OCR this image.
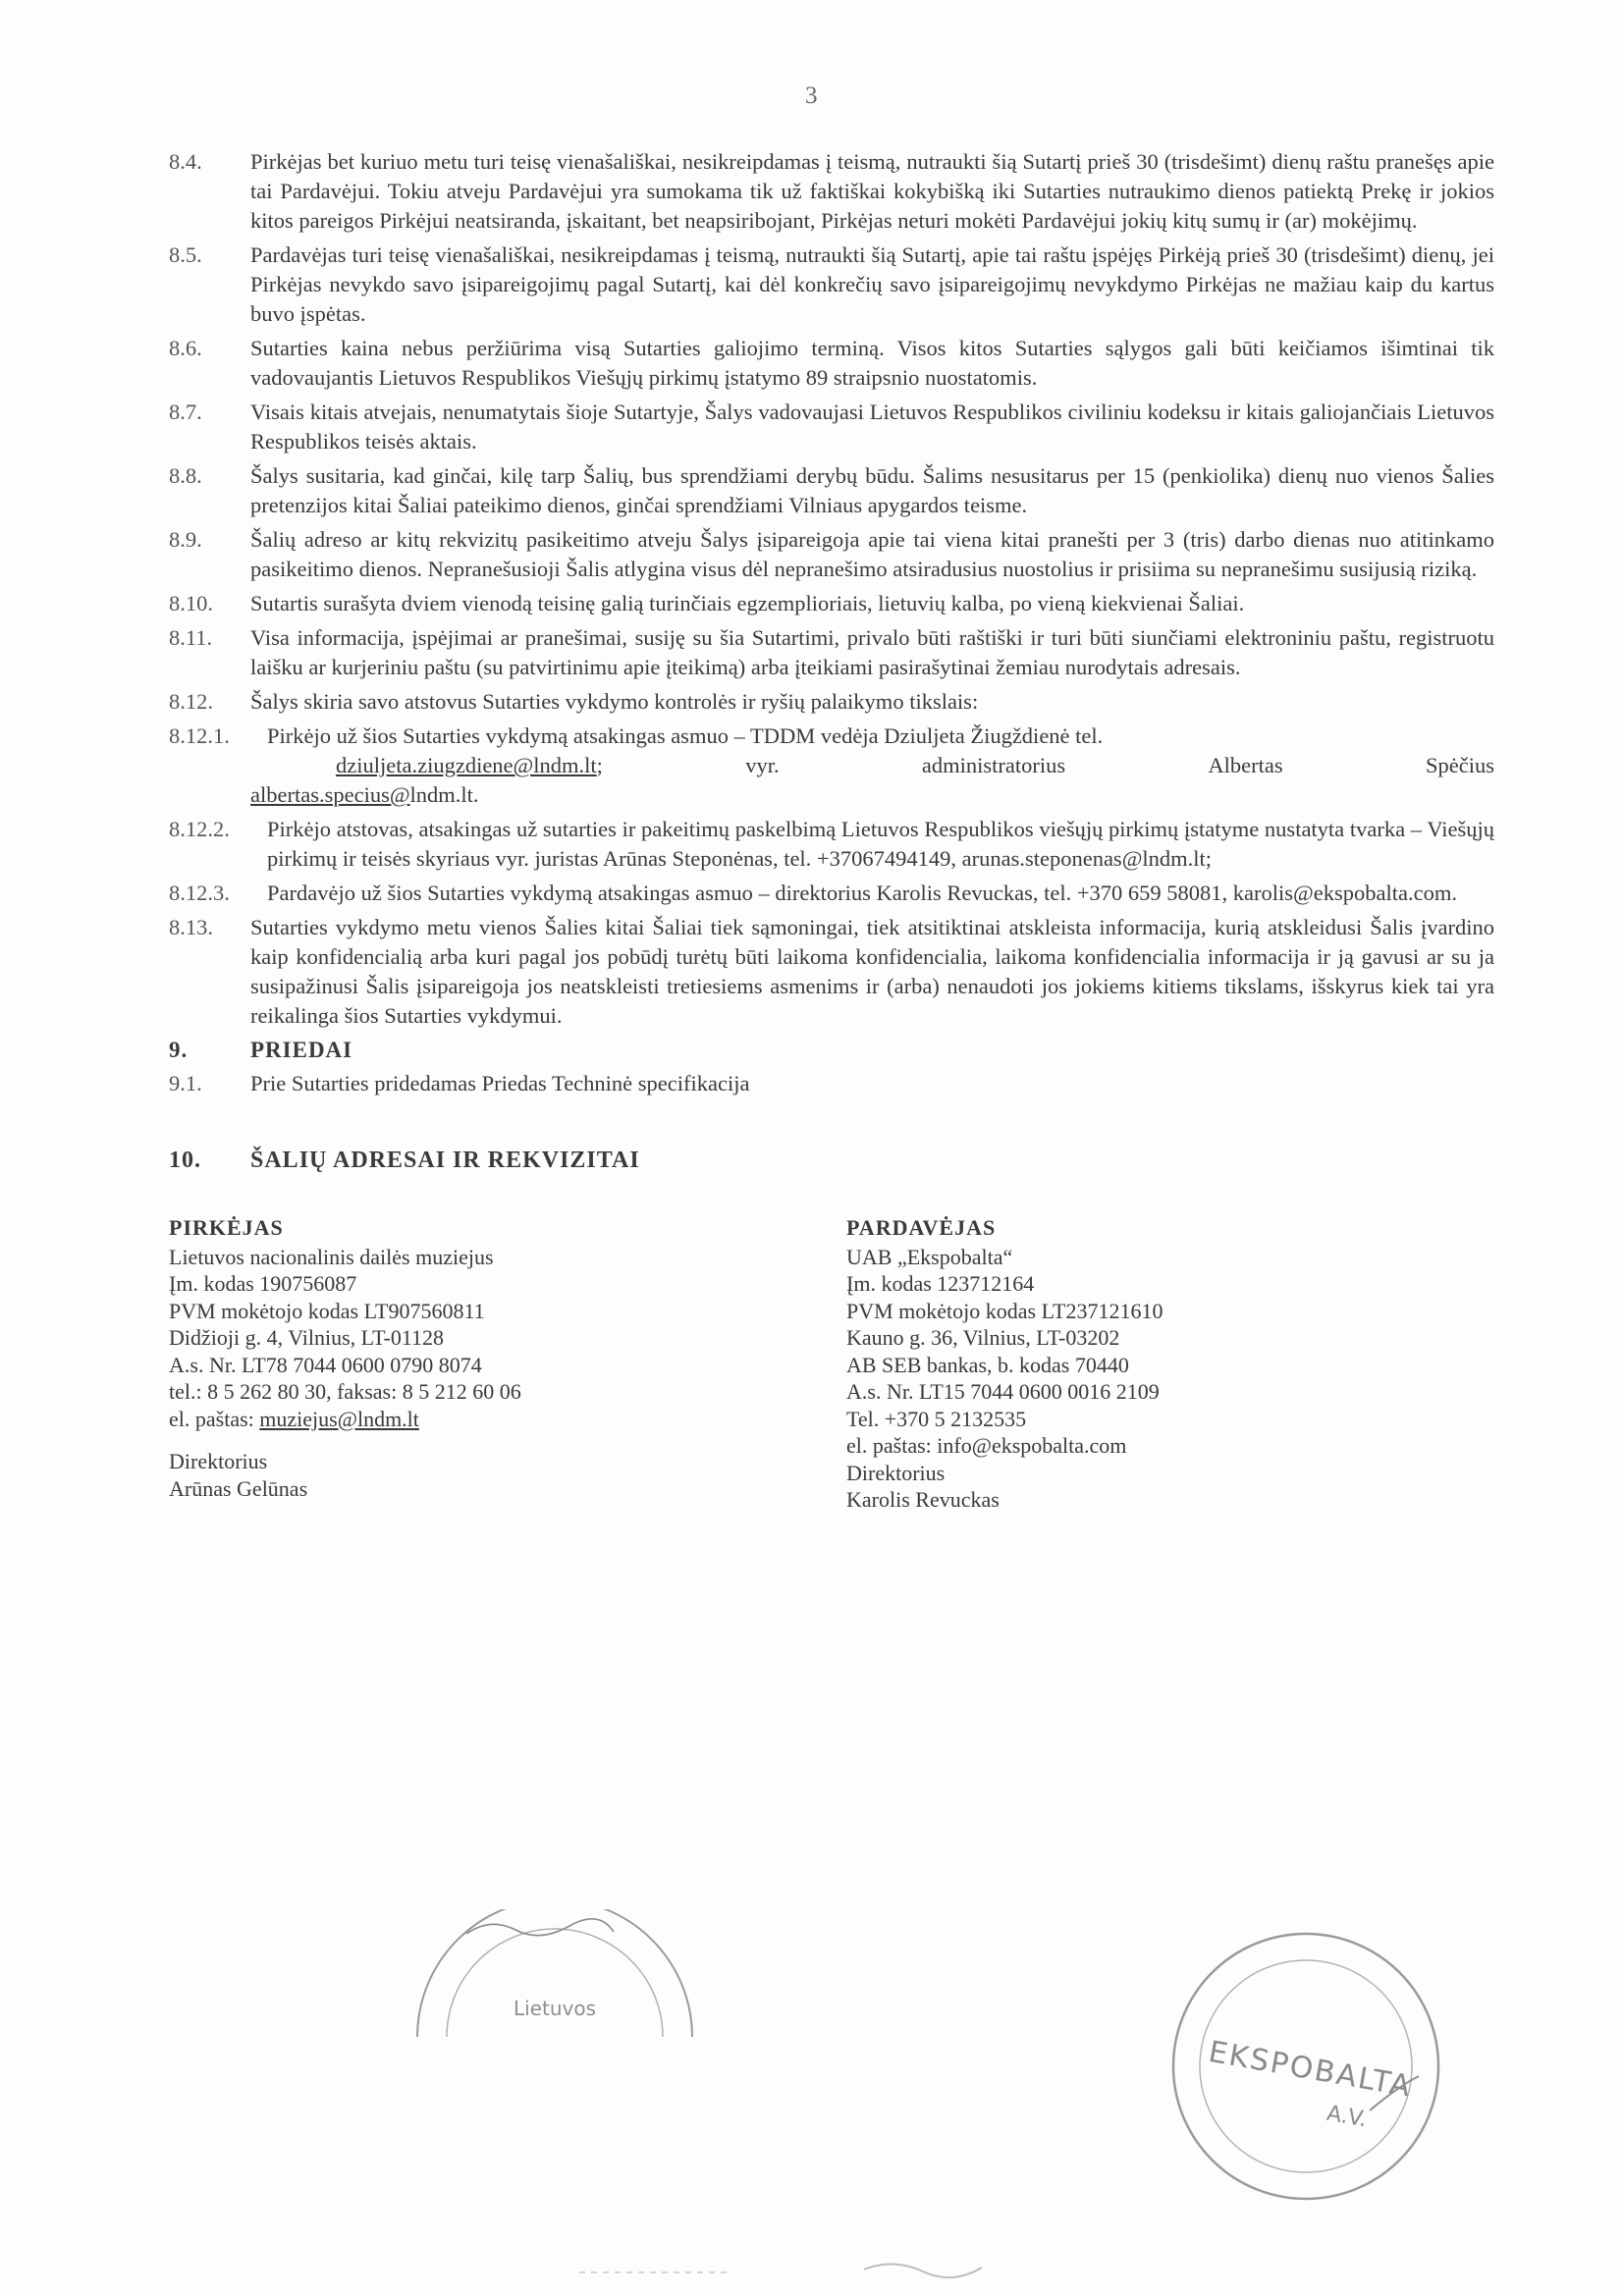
3
8.4. Pirkėjas bet kuriuo metu turi teisę vienašališkai, nesikreipdamas į teismą, nutraukti šią Sutartį prieš 30 (trisdešimt) dienų raštu pranešęs apie tai Pardavėjui. Tokiu atveju Pardavėjui yra sumokama tik už faktiškai kokybišką iki Sutarties nutraukimo dienos patiektą Prekę ir jokios kitos pareigos Pirkėjui neatsiranda, įskaitant, bet neapsiribojant, Pirkėjas neturi mokėti Pardavėjui jokių kitų sumų ir (ar) mokėjimų.
8.5. Pardavėjas turi teisę vienašališkai, nesikreipdamas į teismą, nutraukti šią Sutartį, apie tai raštu įspėjęs Pirkėją prieš 30 (trisdešimt) dienų, jei Pirkėjas nevykdo savo įsipareigojimų pagal Sutartį, kai dėl konkrečių savo įsipareigojimų nevykdymo Pirkėjas ne mažiau kaip du kartus buvo įspėtas.
8.6. Sutarties kaina nebus peržiūrima visą Sutarties galiojimo terminą. Visos kitos Sutarties sąlygos gali būti keičiamos išimtinai tik vadovaujantis Lietuvos Respublikos Viešųjų pirkimų įstatymo 89 straipsnio nuostatomis.
8.7. Visais kitais atvejais, nenumatytais šioje Sutartyje, Šalys vadovaujasi Lietuvos Respublikos civiliniu kodeksu ir kitais galiojančiais Lietuvos Respublikos teisės aktais.
8.8. Šalys susitaria, kad ginčai, kilę tarp Šalių, bus sprendžiami derybų būdu. Šalims nesusitarus per 15 (penkiolika) dienų nuo vienos Šalies pretenzijos kitai Šaliai pateikimo dienos, ginčai sprendžiami Vilniaus apygardos teisme.
8.9. Šalių adreso ar kitų rekvizitų pasikeitimo atveju Šalys įsipareigoja apie tai viena kitai pranešti per 3 (tris) darbo dienas nuo atitinkamo pasikeitimo dienos. Nepranešusioji Šalis atlygina visus dėl nepranešimo atsiradusius nuostolius ir prisiima su nepranešimu susijusią riziką.
8.10. Sutartis surašyta dviem vienodą teisinę galią turinčiais egzemplioriais, lietuvių kalba, po vieną kiekvienai Šaliai.
8.11. Visa informacija, įspėjimai ar pranešimai, susiję su šia Sutartimi, privalo būti raštiški ir turi būti siunčiami elektroniniu paštu, registruotu laišku ar kurjeriniu paštu (su patvirtinimu apie įteikimą) arba įteikiami pasirašytinai žemiau nurodytais adresais.
8.12. Šalys skiria savo atstovus Sutarties vykdymo kontrolės ir ryšių palaikymo tikslais:
8.12.1. Pirkėjo už šios Sutarties vykdymą atsakingas asmuo – TDDM vedėja Dziuljeta Žiugždienė tel.
dziuljeta.ziugzdiene@lndm.lt;	vyr.	administratorius	Albertas	Spėčius
albertas.specius@lndm.lt.
8.12.2. Pirkėjo atstovas, atsakingas už sutarties ir pakeitimų paskelbimą Lietuvos Respublikos viešųjų pirkimų įstatyme nustatyta tvarka – Viešųjų pirkimų ir teisės skyriaus vyr. juristas Arūnas Steponėnas, tel. +37067494149, arunas.steponenas@lndm.lt;
8.12.3. Pardavėjo už šios Sutarties vykdymą atsakingas asmuo – direktorius Karolis Revuckas, tel. +370 659 58081, karolis@ekspobalta.com.
8.13. Sutarties vykdymo metu vienos Šalies kitai Šaliai tiek sąmoningai, tiek atsitiktinai atskleista informacija, kurią atskleidusi Šalis įvardino kaip konfidencialią arba kuri pagal jos pobūdį turėtų būti laikoma konfidencialia, laikoma konfidencialia informacija ir ją gavusi ar su ja susipažinusi Šalis įsipareigoja jos neatskleisti tretiesiems asmenims ir (arba) nenaudoti jos jokiems kitiems tikslams, išskyrus kiek tai yra reikalinga šios Sutarties vykdymui.
9.	PRIEDAI
9.1. Prie Sutarties pridedamas Priedas Techninė specifikacija
10. ŠALIŲ ADRESAI IR REKVIZITAI
PIRKĖJAS
Lietuvos nacionalinis dailės muziejus
Įm. kodas 190756087
PVM mokėtojo kodas LT907560811
Didžioji g. 4, Vilnius, LT-01128
A.s. Nr. LT78 7044 0600 0790 8074
tel.: 8 5 262 80 30, faksas: 8 5 212 60 06
el. paštas: muziejus@lndm.lt
Direktorius
Arūnas Gelūnas
PARDAVĖJAS
UAB „Ekspobalta“
Įm. kodas 123712164
PVM mokėtojo kodas LT237121610
Kauno g. 36, Vilnius, LT-03202
AB SEB bankas, b. kodas 70440
A.s. Nr. LT15 7044 0600 0016 2109
Tel. +370 5 2132535
el. paštas: info@ekspobalta.com
Direktorius
Karolis Revuckas
Lietuvos
EKSPOBALTA
A.V.
